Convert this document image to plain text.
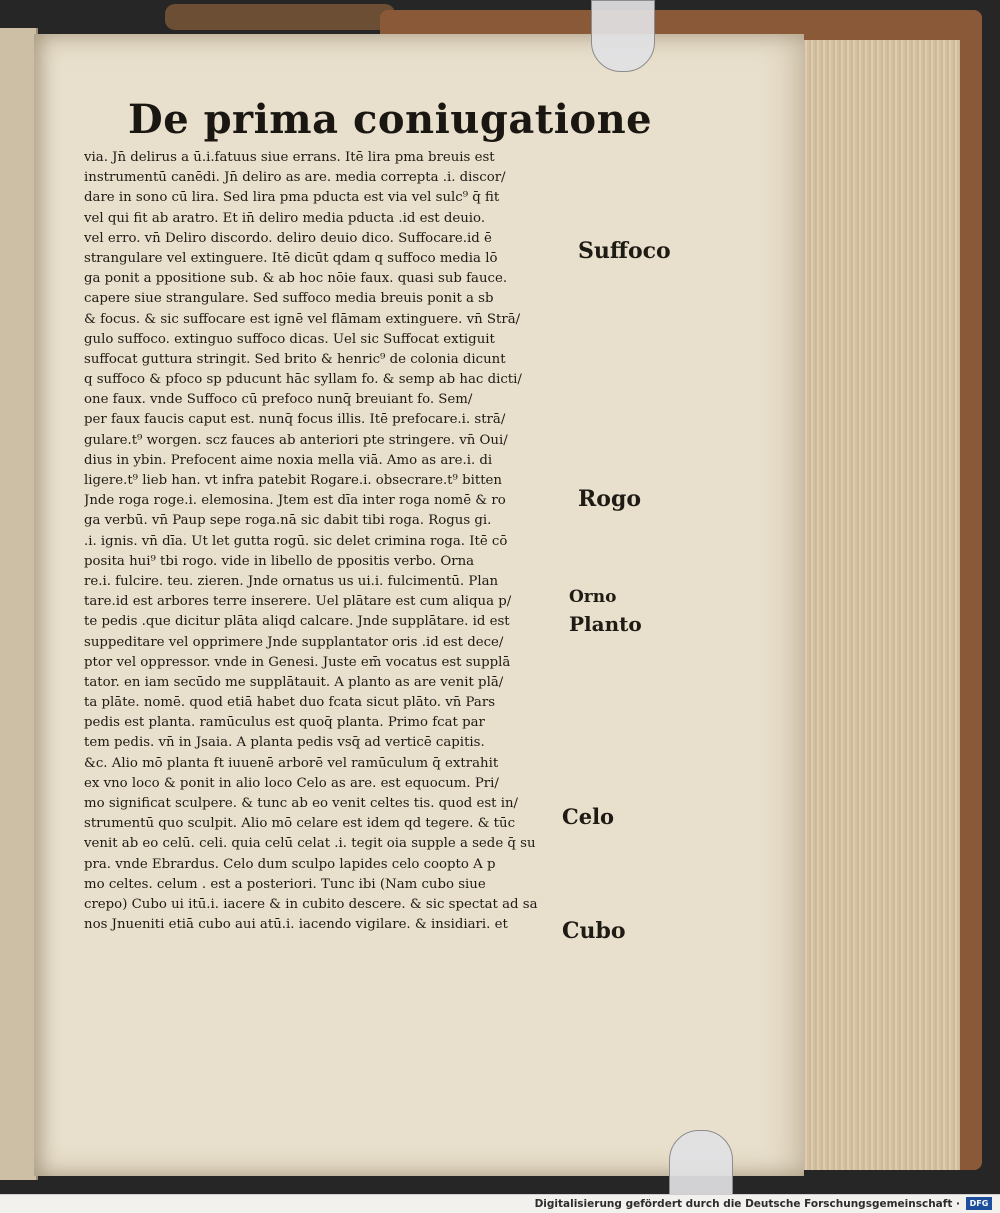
De prima coniugatione
via. Jn̄ delirus a ū.i.fatuus siue errans. Itē lira pma breuis est
instrumentū canēdi. Jn̄ deliro as are. media correpta .i. discor/
dare in sono cū lira. Sed lira pma pducta est via vel sulc⁹ q̄ fit
vel qui fit ab aratro. Et in̄ deliro media pducta .id est deuio.
vel erro. vn̄ Deliro discordo. deliro deuio dico. Suffocare.id ē
strangulare vel extinguere. Itē dicūt qdam q suffoco media lō
ga ponit a ppositione sub. & ab hoc nōie faux. quasi sub fauce.
capere siue strangulare. Sed suffoco media breuis ponit a sb
& focus. & sic suffocare est ignē vel flāmam extinguere. vn̄ Strā/
gulo suffoco. extinguo suffoco dicas. Uel sic Suffocat extiguit
suffocat guttura stringit. Sed brito & henric⁹ de colonia dicunt
q suffoco & pfoco sp pducunt hāc syllam fo. & semp ab hac dicti/
one faux. vnde Suffoco cū prefoco nunq̄ breuiant fo. Sem/
per faux faucis caput est. nunq̄ focus illis. Itē prefocare.i. strā/
gulare.t⁹ worgen. scz fauces ab anteriori pte stringere. vn̄ Oui/
dius in ybin. Prefocent aime noxia mella viā. Amo as are.i. di
ligere.t⁹ lieb han. vt infra patebit Rogare.i. obsecrare.t⁹ bitten
Jnde roga roge.i. elemosina. Jtem est dīa inter roga nomē & ro
ga verbū. vn̄ Paup sepe roga.nā sic dabit tibi roga. Rogus gi.
.i. ignis. vn̄ dīa. Ut let gutta rogū. sic delet crimina roga. Itē cō
posita hui⁹ tbi rogo. vide in libello de ppositis verbo. Orna
re.i. fulcire. teu. zieren. Jnde ornatus us ui.i. fulcimentū. Plan
tare.id est arbores terre inserere. Uel plātare est cum aliqua p/
te pedis .que dicitur plāta aliqd calcare. Jnde supplātare. id est
suppeditare vel opprimere Jnde supplantator oris .id est dece/
ptor vel oppressor. vnde in Genesi. Juste em̄ vocatus est supplā
tator. en iam secūdo me supplātauit. A planto as are venit plā/
ta plāte. nomē. quod etiā habet duo fcata sicut plāto. vn̄ Pars
pedis est planta. ramūculus est quoq̄ planta. Primo fcat par
tem pedis. vn̄ in Jsaia. A planta pedis vsq̄ ad verticē capitis.
&c. Alio mō planta ft iuuenē arborē vel ramūculum q̄ extrahit
ex vno loco & ponit in alio loco Celo as are. est equocum. Pri/
mo significat sculpere. & tunc ab eo venit celtes tis. quod est in/
strumentū quo sculpit. Alio mō celare est idem qd tegere. & tūc
venit ab eo celū. celi. quia celū celat .i. tegit oia supple a sede q̄ su
pra. vnde Ebrardus. Celo dum sculpo lapides celo coopto A p
mo celtes. celum . est a posteriori. Tunc ibi (Nam cubo siue
crepo) Cubo ui itū.i. iacere & in cubito descere. & sic spectat ad sa
nos Jnueniti etiā cubo aui atū.i. iacendo vigilare. & insidiari. et
Suffoco
Rogo
Orno
Planto
Celo
Cubo
Digitalisierung gefördert durch die Deutsche Forschungsgemeinschaft ·	DFG
